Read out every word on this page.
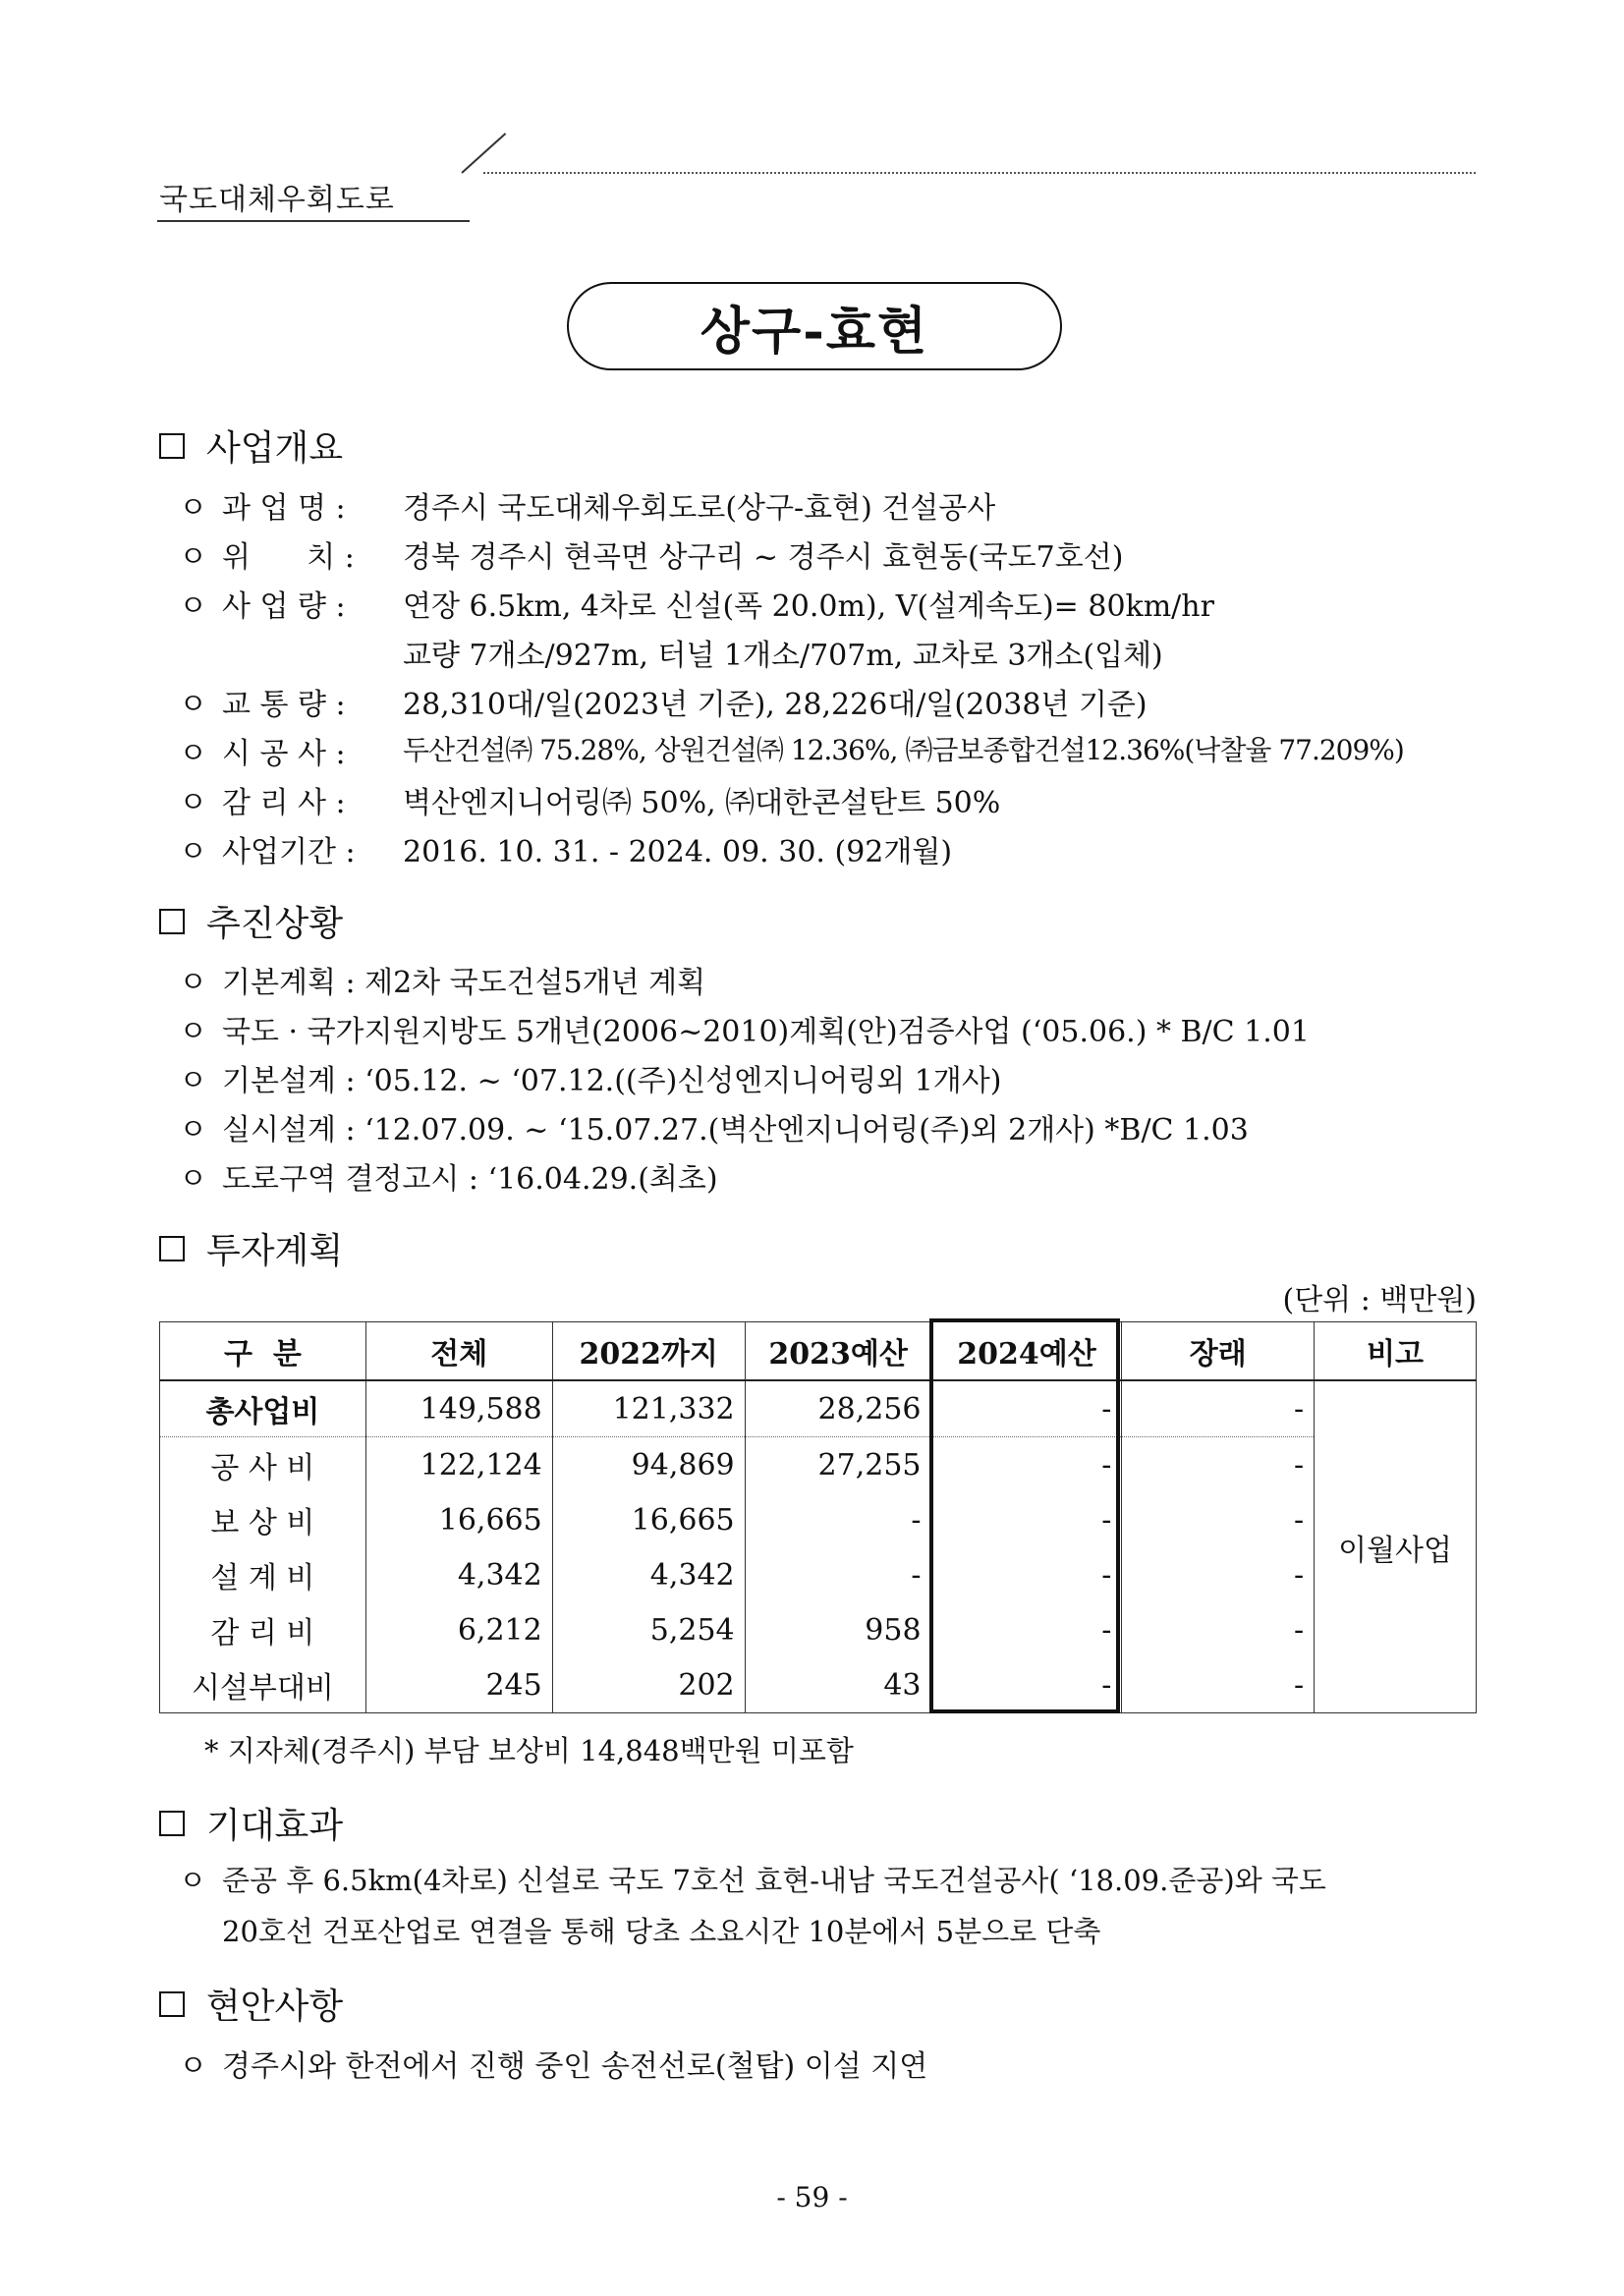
국도대체우회도로
상구-효현
사업개요
ㅇ 과 업 명 :	경주시 국도대체우회도로(상구-효현) 건설공사
ㅇ 위      치 :	경북 경주시 현곡면 상구리 ~ 경주시 효현동(국도7호선)
ㅇ 사 업 량 :	연장 6.5km, 4차로 신설(폭 20.0m), V(설계속도)= 80km/hr
교량 7개소/927m, 터널 1개소/707m, 교차로 3개소(입체)
ㅇ 교 통 량 :	28,310대/일(2023년 기준), 28,226대/일(2038년 기준)
ㅇ 시 공 사 :	두산건설㈜ 75.28%, 상원건설㈜ 12.36%, ㈜금보종합건설12.36%(낙찰율 77.209%)
ㅇ 감 리 사 :	벽산엔지니어링㈜ 50%, ㈜대한콘설탄트 50%
ㅇ 사업기간 :	2016. 10. 31. - 2024. 09. 30. (92개월)
추진상황
ㅇ 기본계획 : 제2차 국도건설5개년 계획
ㅇ 국도 · 국가지원지방도 5개년(2006~2010)계획(안)검증사업 (‘05.06.) * B/C 1.01
ㅇ 기본설계 : ‘05.12. ~ ‘07.12.((주)신성엔지니어링외 1개사)
ㅇ 실시설계 : ‘12.07.09. ~ ‘15.07.27.(벽산엔지니어링(주)외 2개사) *B/C 1.03
ㅇ 도로구역 결정고시 : ‘16.04.29.(최초)
투자계획
(단위 : 백만원)
구  분	전체	2022까지	2023예산	2024예산	장래	비고
총사업비	149,588	121,332	28,256	-	-	이월사업
공 사 비	122,124	94,869	27,255	-	-	
보 상 비	16,665	16,665	-	-	-	
설 계 비	4,342	4,342	-	-	-	
감 리 비	6,212	5,254	958	-	-	
시설부대비	245	202	43	-	-	
* 지자체(경주시) 부담 보상비 14,848백만원 미포함
기대효과
ㅇ 준공 후 6.5km(4차로) 신설로 국도 7호선 효현-내남 국도건설공사( ‘18.09.준공)와 국도
20호선 건포산업로 연결을 통해 당초 소요시간 10분에서 5분으로 단축
현안사항
ㅇ 경주시와 한전에서 진행 중인 송전선로(철탑) 이설 지연
- 59 -
